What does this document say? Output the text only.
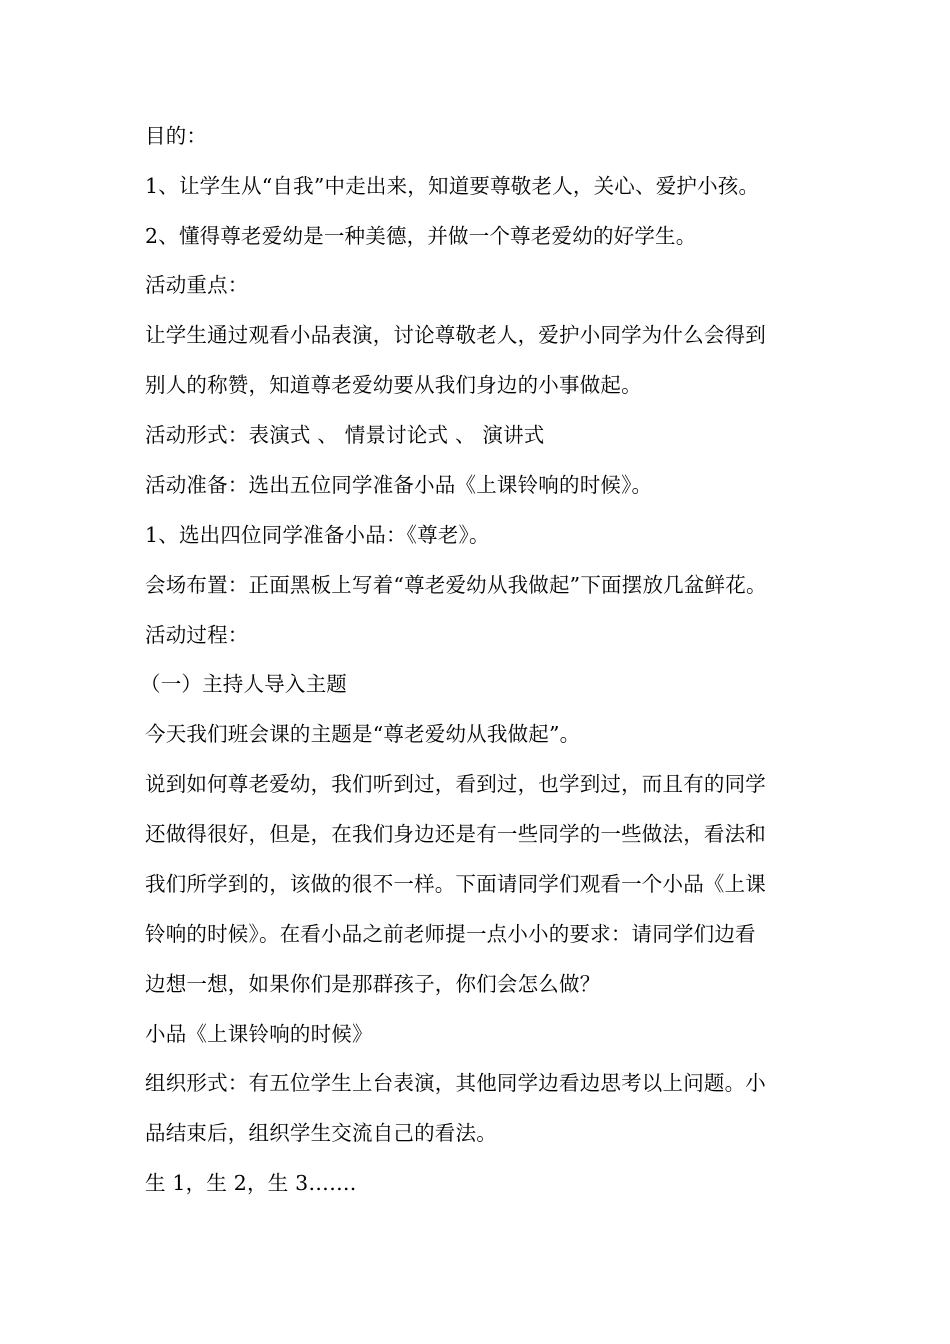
目的：
1、让学生从“自我”中走出来，知道要尊敬老人，关心、爱护小孩。
2、懂得尊老爱幼是一种美德，并做一个尊老爱幼的好学生。
活动重点：
让学生通过观看小品表演，讨论尊敬老人，爱护小同学为什么会得到
别人的称赞，知道尊老爱幼要从我们身边的小事做起。
活动形式：表演式 、 情景讨论式 、 演讲式
活动准备：选出五位同学准备小品《上课铃响的时候》。
1、选出四位同学准备小品：《尊老》。
会场布置：正面黑板上写着“尊老爱幼从我做起”下面摆放几盆鲜花。
活动过程：
（一）主持人导入主题
今天我们班会课的主题是“尊老爱幼从我做起”。
说到如何尊老爱幼，我们听到过，看到过，也学到过，而且有的同学
还做得很好，但是，在我们身边还是有一些同学的一些做法，看法和
我们所学到的，该做的很不一样。下面请同学们观看一个小品《上课
铃响的时候》。在看小品之前老师提一点小小的要求：请同学们边看
边想一想，如果你们是那群孩子，你们会怎么做？
小品《上课铃响的时候》
组织形式：有五位学生上台表演，其他同学边看边思考以上问题。小
品结束后，组织学生交流自己的看法。
生 1，生 2，生 3…….
